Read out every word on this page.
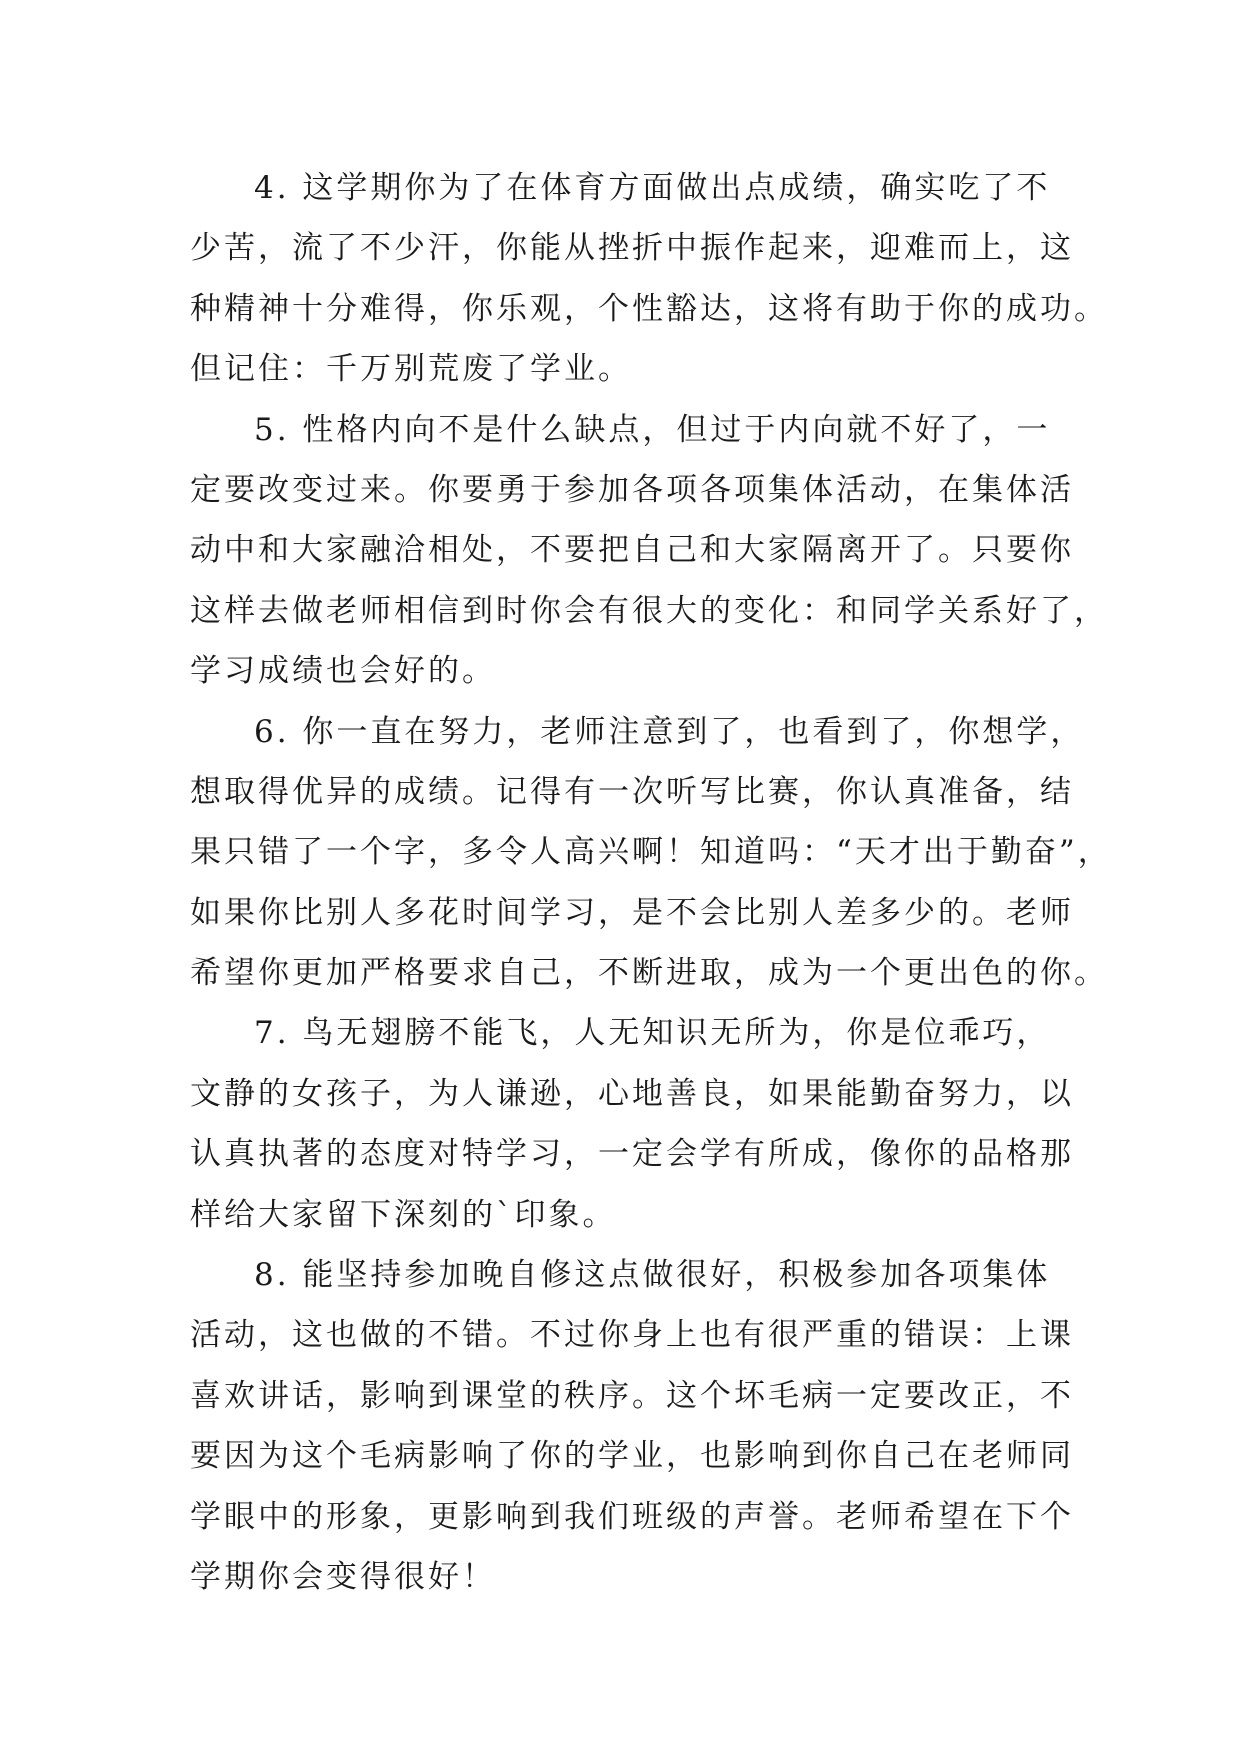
4. 这学期你为了在体育方面做出点成绩，确实吃了不
少苦，流了不少汗，你能从挫折中振作起来，迎难而上，这
种精神十分难得，你乐观，个性豁达，这将有助于你的成功。
但记住：千万别荒废了学业。
5. 性格内向不是什么缺点，但过于内向就不好了，一
定要改变过来。你要勇于参加各项各项集体活动，在集体活
动中和大家融洽相处，不要把自己和大家隔离开了。只要你
这样去做老师相信到时你会有很大的变化：和同学关系好了，
学习成绩也会好的。
6. 你一直在努力，老师注意到了，也看到了，你想学，
想取得优异的成绩。记得有一次听写比赛，你认真准备，结
果只错了一个字，多令人高兴啊！知道吗：“天才出于勤奋”，
如果你比别人多花时间学习，是不会比别人差多少的。老师
希望你更加严格要求自己，不断进取，成为一个更出色的你。
7. 鸟无翅膀不能飞，人无知识无所为，你是位乖巧，
文静的女孩子，为人谦逊，心地善良，如果能勤奋努力，以
认真执著的态度对特学习，一定会学有所成，像你的品格那
样给大家留下深刻的`印象。
8. 能坚持参加晚自修这点做很好，积极参加各项集体
活动，这也做的不错。不过你身上也有很严重的错误：上课
喜欢讲话，影响到课堂的秩序。这个坏毛病一定要改正，不
要因为这个毛病影响了你的学业，也影响到你自己在老师同
学眼中的形象，更影响到我们班级的声誉。老师希望在下个
学期你会变得很好！
